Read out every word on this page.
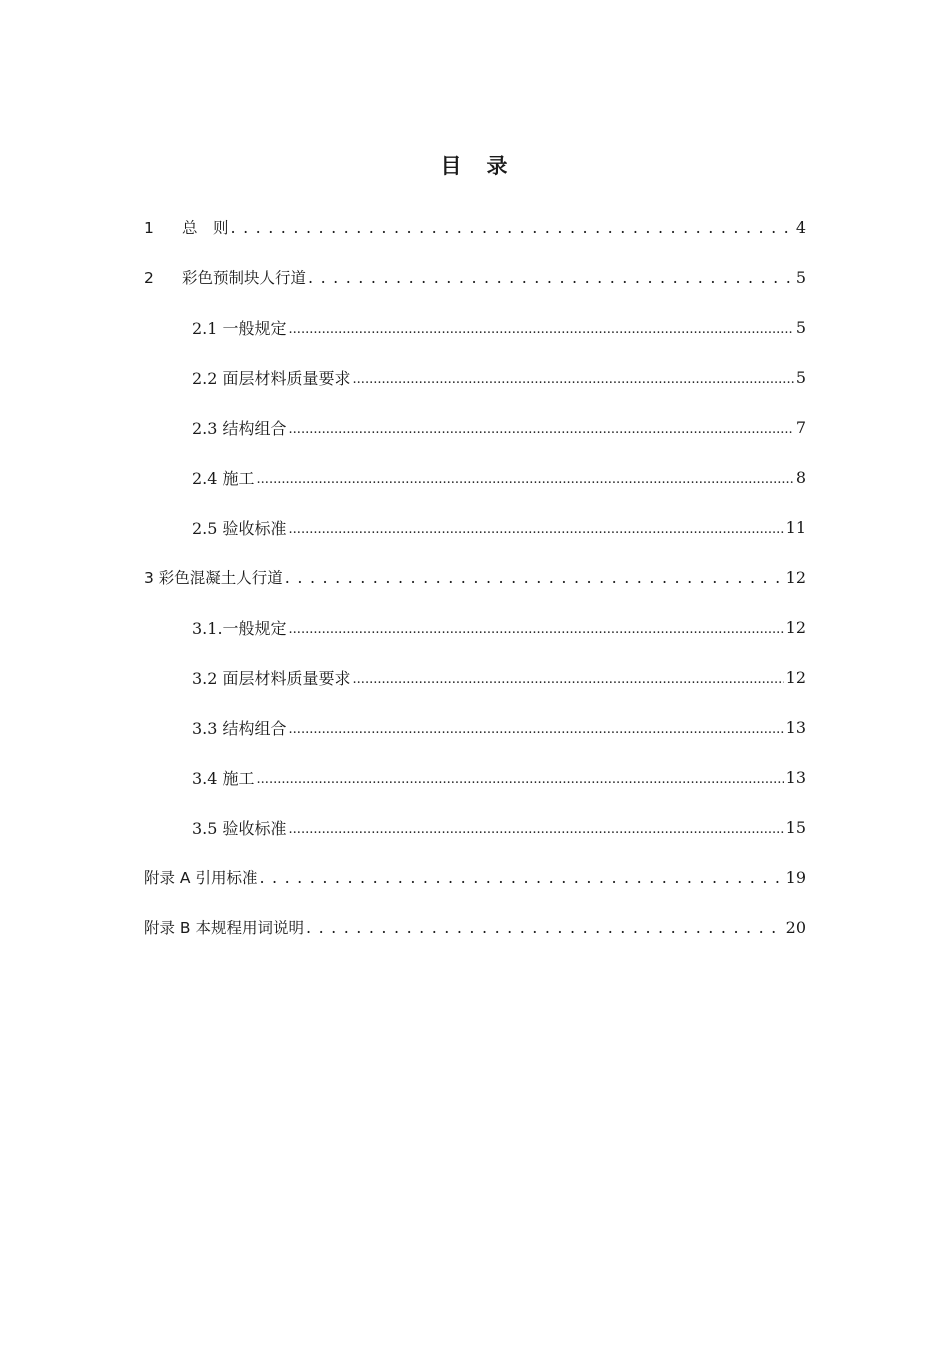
目　录
1 总　则 . . .	4
2 彩色预制块人行道 . . .	5
2.1 一般规定 .....	5
2.2 面层材料质量要求 .....	5
2.3 结构组合 .....	7
2.4 施工 .....	8
2.5 验收标准 .....	11
3 彩色混凝土人行道 . . .	12
3.1.一般规定 .....	12
3.2 面层材料质量要求 .....	12
3.3 结构组合 .....	13
3.4 施工 .....	13
3.5 验收标准 .....	15
附录 A 引用标准 . . .	19
附录 B 本规程用词说明 . . .	20
